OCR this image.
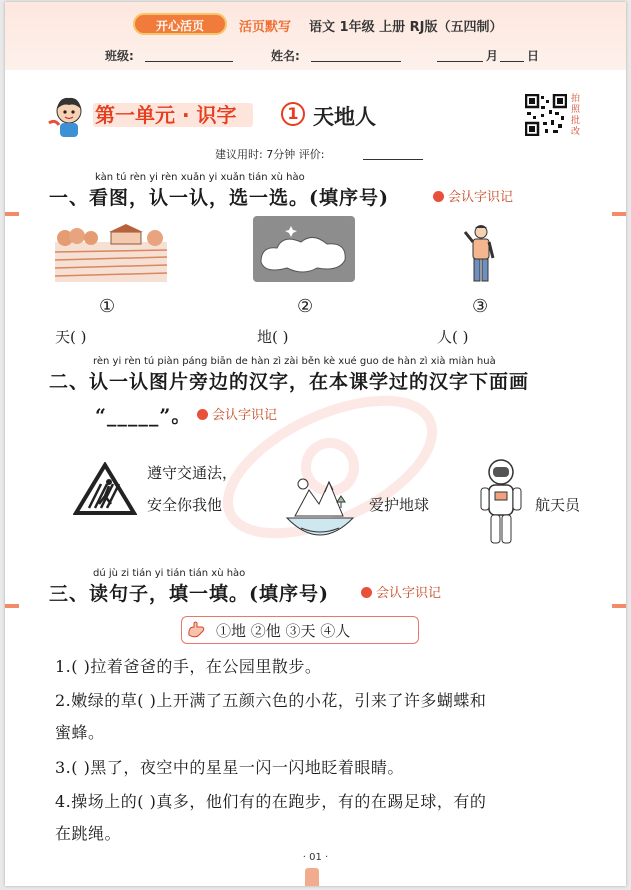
开心活页	活页默写 语文 1年级 上册 RJ版（五四制）
班级:	姓名:	月 日
第一单元 · 识字	1 天地人
拍照批改
建议用时: 7分钟 评价:
kàn tú rèn yi rèn xuǎn yi xuǎn tián xù hào
一、看图，认一认，选一选。(填序号)	会认字识记
①	②	③
天( )	地( )	人( )
rèn yi rèn tú piàn páng biān de hàn zì zài běn kè xué guo de hàn zì xià miàn huà
二、认一认图片旁边的汉字，在本课学过的汉字下面画
“_____”。	会认字识记
遵守交通法，
安全你我他	爱护地球	航天员
dú jù zi tián yi tián tián xù hào
三、读句子，填一填。(填序号)	会认字识记
①地 ②他 ③天 ④人
1.( )拉着爸爸的手，在公园里散步。
2.嫩绿的草( )上开满了五颜六色的小花，引来了许多蝴蝶和
蜜蜂。
3.( )黑了，夜空中的星星一闪一闪地眨着眼睛。
4.操场上的( )真多，他们有的在跑步，有的在踢足球，有的
在跳绳。
· 01 ·
